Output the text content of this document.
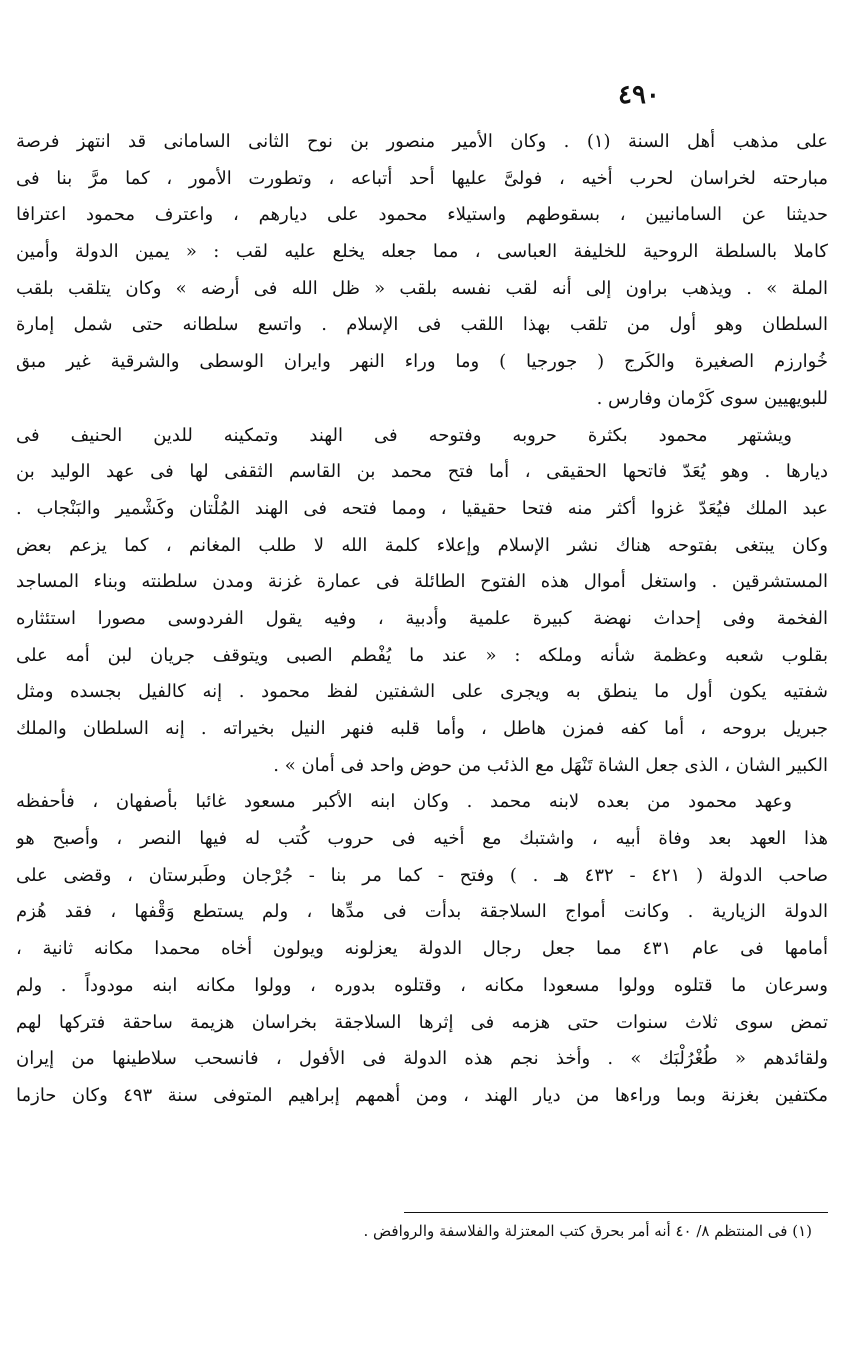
٤٩٠
على مذهب أهل السنة (١) . وكان الأمير منصور بن نوح الثانى السامانى قد انتهز فرصة
مبارحته لخراسان لحرب أخيه ، فولىَّ عليها أحد أتباعه ، وتطورت الأمور ، كما مرَّ بنا فى
حديثنا عن السامانيين ، بسقوطهم واستيلاء محمود على ديارهم ، واعترف محمود اعترافا
كاملا بالسلطة الروحية للخليفة العباسى ، مما جعله يخلع عليه لقب : « يمين الدولة وأمين
الملة » . ويذهب براون إلى أنه لقب نفسه بلقب « ظل الله فى أرضه » وكان يتلقب بلقب
السلطان وهو أول من تلقب بهذا اللقب فى الإسلام . واتسع سلطانه حتى شمل إمارة
خُوارزم الصغيرة والكَرج ( جورجيا ) وما وراء النهر وايران الوسطى والشرقية غير مبق
للبويهيين سوى كَرْمان وفارس .
ويشتهر محمود بكثرة حروبه وفتوحه فى الهند وتمكينه للدين الحنيف فى
ديارها . وهو يُعَدّ فاتحها الحقيقى ، أما فتح محمد بن القاسم الثقفى لها فى عهد الوليد بن
عبد الملك فيُعَدّ غزوا أكثر منه فتحا حقيقيا ، ومما فتحه فى الهند المُلْتان وكَشْمير والبَنْجاب .
وكان يبتغى بفتوحه هناك نشر الإسلام وإعلاء كلمة الله لا طلب المغانم ، كما يزعم بعض
المستشرقين . واستغل أموال هذه الفتوح الطائلة فى عمارة غزنة ومدن سلطنته وبناء المساجد
الفخمة وفى إحداث نهضة كبيرة علمية وأدبية ، وفيه يقول الفردوسى مصورا استئثاره
بقلوب شعبه وعظمة شأنه وملكه : « عند ما يُفْطم الصبى ويتوقف جريان لبن أمه على
شفتيه يكون أول ما ينطق به ويجرى على الشفتين لفظ محمود . إنه كالفيل بجسده ومثل
جبريل بروحه ، أما كفه فمزن هاطل ، وأما قلبه فنهر النيل بخيراته . إنه السلطان والملك
الكبير الشان ، الذى جعل الشاة تَنْهَل مع الذئب من حوض واحد فى أمان » .
وعهد محمود من بعده لابنه محمد . وكان ابنه الأكبر مسعود غائبا بأصفهان ، فأحفظه
هذا العهد بعد وفاة أبيه ، واشتبك مع أخيه فى حروب كُتب له فيها النصر ، وأصبح هو
صاحب الدولة ( ٤٢١ - ٤٣٢ هـ . ) وفتح - كما مر بنا - جُرْجان وطَبرستان ، وقضى على
الدولة الزيارية . وكانت أمواج السلاجقة بدأت فى مدِّها ، ولم يستطع وَقْفها ، فقد هُزم
أمامها فى عام ٤٣١ مما جعل رجال الدولة يعزلونه ويولون أخاه محمدا مكانه ثانية ،
وسرعان ما قتلوه وولوا مسعودا مكانه ، وقتلوه بدوره ، وولوا مكانه ابنه مودوداً . ولم
تمض سوى ثلاث سنوات حتى هزمه فى إثرها السلاجقة بخراسان هزيمة ساحقة فتركها لهم
ولقائدهم « طُغْرُلْبَك » . وأخذ نجم هذه الدولة فى الأفول ، فانسحب سلاطينها من إيران
مكتفين بغزنة وبما وراءها من ديار الهند ، ومن أهمهم إبراهيم المتوفى سنة ٤٩٣ وكان حازما
(١) فى المنتظم ٨/ ٤٠ أنه أمر بحرق كتب المعتزلة والفلاسفة والروافض .
